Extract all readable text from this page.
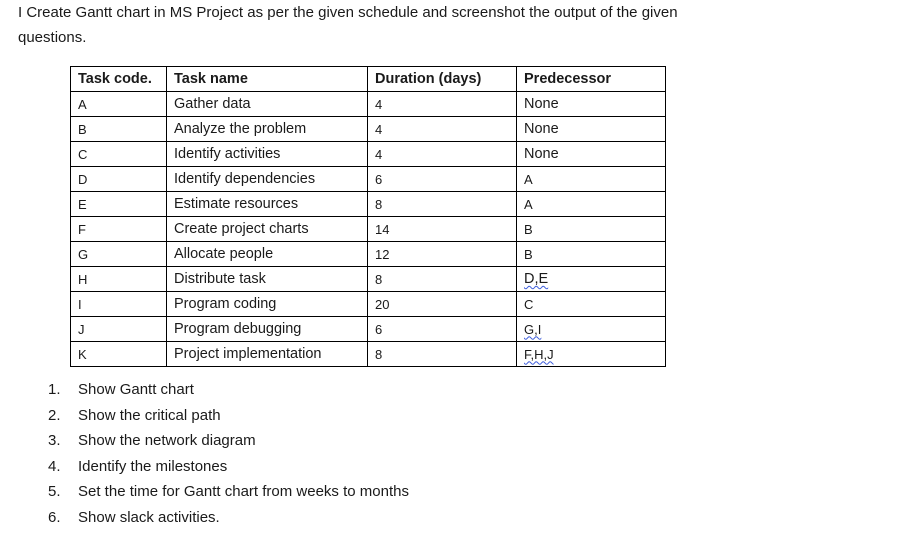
I Create Gantt chart in MS Project as per the given schedule and screenshot the output of the given
questions.

Task code.	Task name	Duration (days)	Predecessor
A	Gather data	4	None
B	Analyze the problem	4	None
C	Identify activities	4	None
D	Identify dependencies	6	A
E	Estimate resources	8	A
F	Create project charts	14	B
G	Allocate people	12	B
H	Distribute task	8	D,E
I	Program coding	20	C
J	Program debugging	6	G,I
K	Project implementation	8	F,H,J
1.	Show Gantt chart
2.	Show the critical path
3.	Show the network diagram
4.	Identify the milestones
5.	Set the time for Gantt chart from weeks to months
6.	Show slack activities.
